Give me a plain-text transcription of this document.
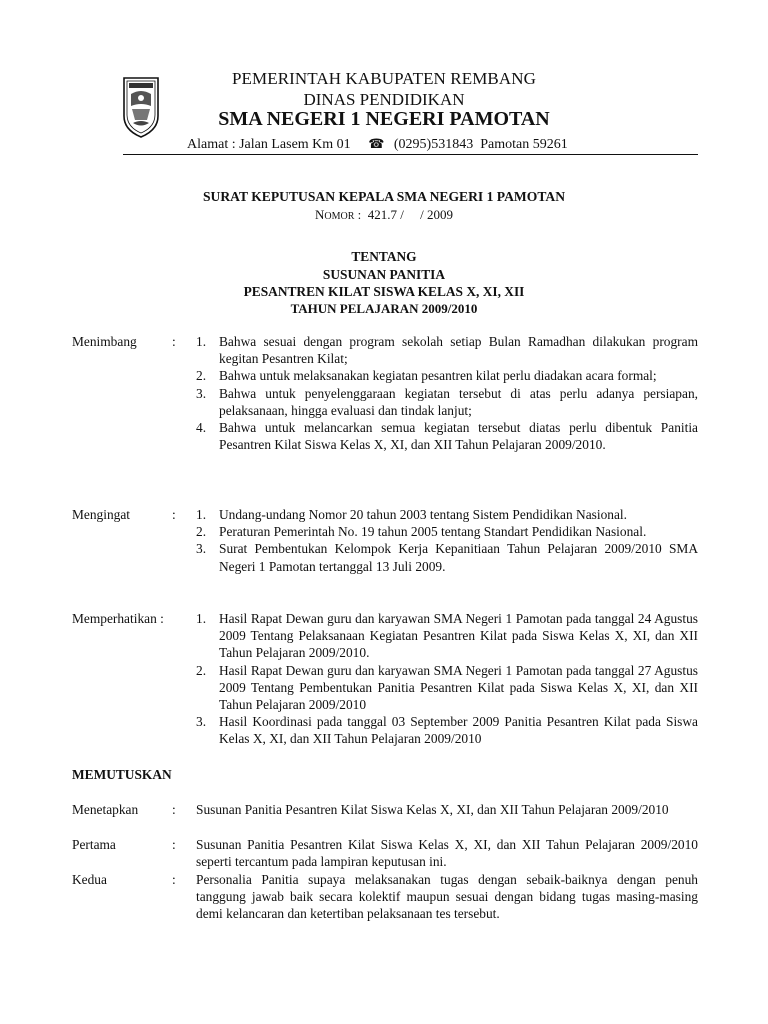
PEMERINTAH KABUPATEN REMBANG
DINAS PENDIDIKAN
SMA NEGERI 1 NEGERI PAMOTAN
Alamat : Jalan Lasem Km 01 ☎ (0295)531843 Pamotan 59261
SURAT KEPUTUSAN KEPALA SMA NEGERI 1 PAMOTAN
NOMOR :  421.7 /     / 2009
TENTANG
SUSUNAN PANITIA
PESANTREN KILAT SISWA KELAS X, XI, XII
TAHUN PELAJARAN 2009/2010
Menimbang	: 1. Bahwa sesuai dengan program sekolah setiap Bulan Ramadhan dilakukan program kegitan Pesantren Kilat;
2. Bahwa untuk melaksanakan kegiatan pesantren kilat perlu diadakan acara formal;
3. Bahwa untuk penyelenggaraan kegiatan tersebut di atas perlu adanya persiapan, pelaksanaan, hingga evaluasi dan tindak lanjut;
4. Bahwa untuk melancarkan semua kegiatan tersebut diatas perlu dibentuk Panitia Pesantren Kilat Siswa Kelas X, XI, dan XII Tahun Pelajaran 2009/2010.
Mengingat	: 1. Undang-undang Nomor 20 tahun 2003 tentang Sistem Pendidikan Nasional.
2. Peraturan Pemerintah No. 19 tahun 2005 tentang Standart Pendidikan Nasional.
3. Surat Pembentukan Kelompok Kerja Kepanitiaan Tahun Pelajaran 2009/2010 SMA Negeri 1 Pamotan tertanggal 13 Juli 2009.
Memperhatikan : 1. Hasil Rapat Dewan guru dan karyawan SMA Negeri 1 Pamotan pada tanggal 24 Agustus 2009 Tentang Pelaksanaan Kegiatan Pesantren Kilat pada Siswa Kelas X, XI, dan XII Tahun Pelajaran 2009/2010.
2. Hasil Rapat Dewan guru dan karyawan SMA Negeri 1 Pamotan pada tanggal 27 Agustus 2009 Tentang Pembentukan Panitia Pesantren Kilat pada Siswa Kelas X, XI, dan XII Tahun Pelajaran 2009/2010
3. Hasil Koordinasi pada tanggal 03 September 2009 Panitia Pesantren Kilat pada Siswa Kelas X, XI, dan XII Tahun Pelajaran 2009/2010
MEMUTUSKAN
Menetapkan	: Susunan Panitia Pesantren Kilat Siswa Kelas X, XI, dan XII Tahun Pelajaran 2009/2010
Pertama	: Susunan Panitia Pesantren Kilat Siswa Kelas X, XI, dan XII Tahun Pelajaran 2009/2010 seperti tercantum pada lampiran keputusan ini.
Kedua	: Personalia Panitia supaya melaksanakan tugas dengan sebaik-baiknya dengan penuh tanggung jawab baik secara kolektif maupun sesuai dengan bidang tugas masing-masing demi kelancaran dan ketertiban pelaksanaan tes tersebut.
